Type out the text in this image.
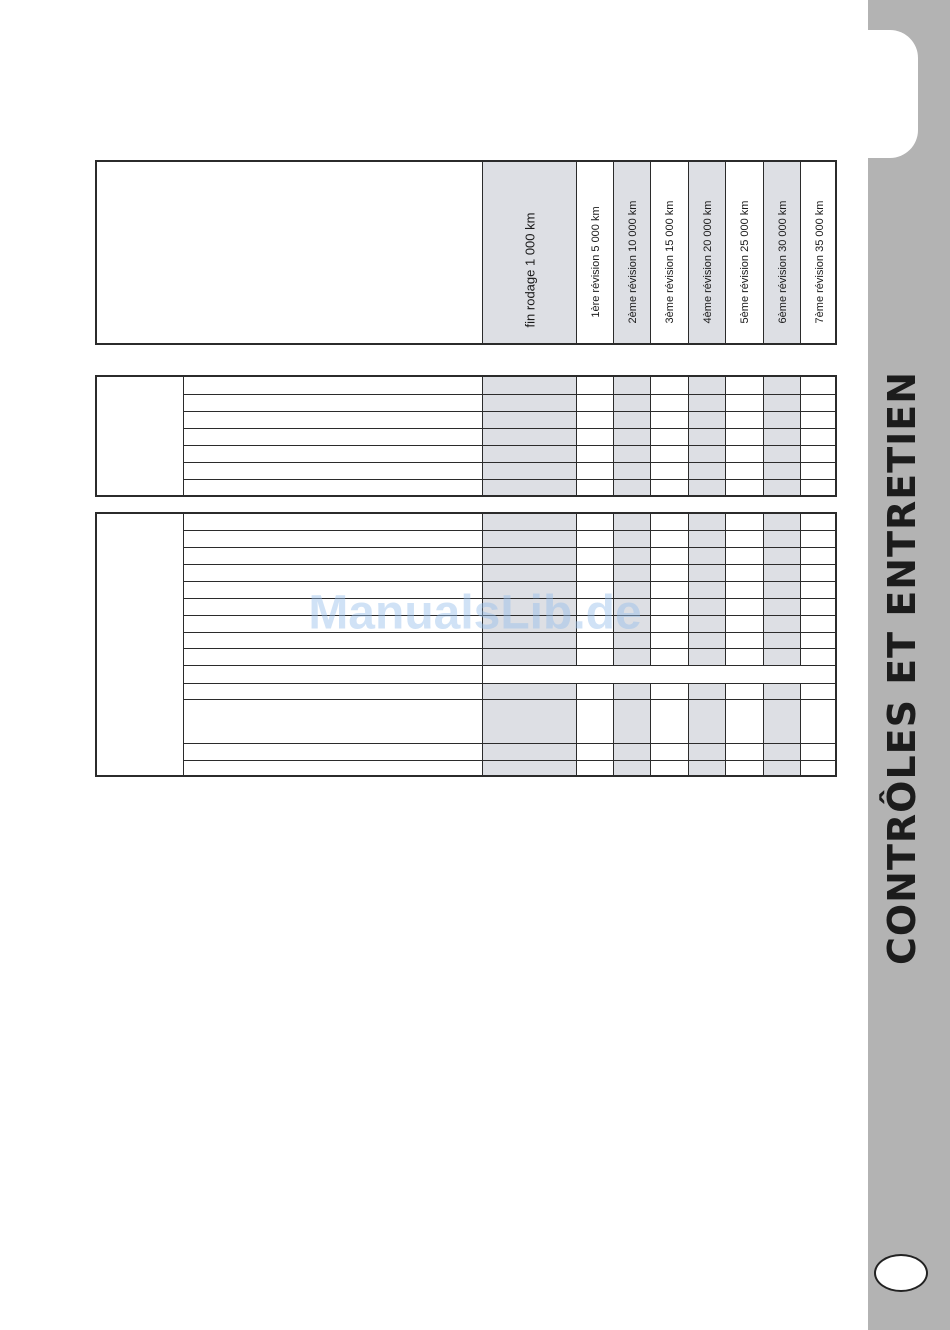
CONTRÔLES ET ENTRETIEN
fin rodage 1 000 km	1ère révision 5 000 km 2ème révision 10 000 km 3ème révision 15 000 km 4ème révision 20 000 km 5ème révision 25 000 km 6ème révision 30 000 km 7ème révision 35 000 km
ManualsLib.de
